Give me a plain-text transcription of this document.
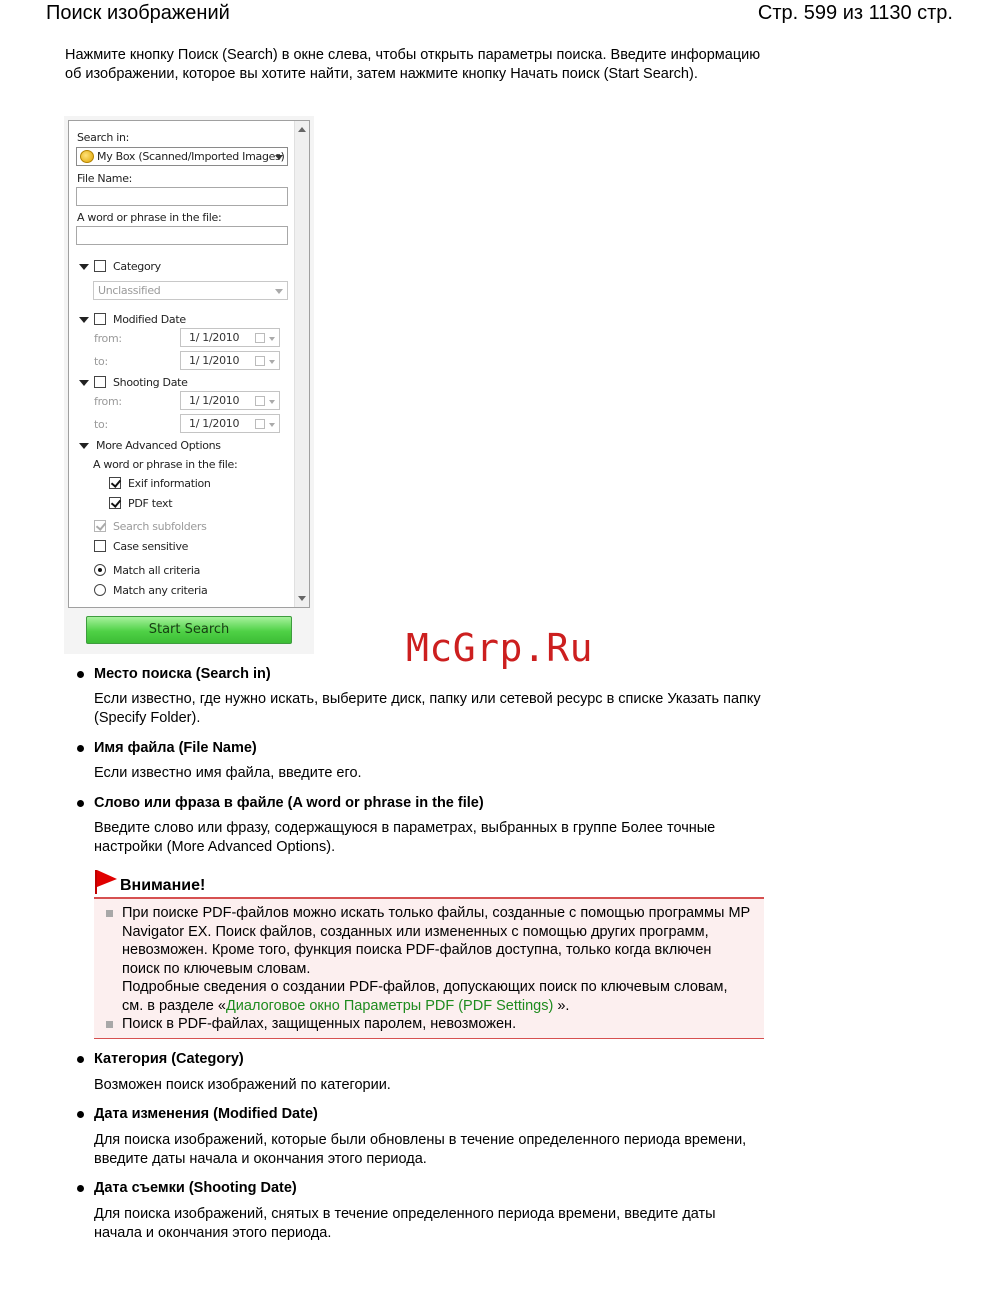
Поиск изображений	Стр. 599 из 1130 стр.
Нажмите кнопку Поиск (Search) в окне слева, чтобы открыть параметры поиска. Введите информацию об изображении, которое вы хотите найти, затем нажмите кнопку Начать поиск (Start Search).
Search in:
My Box (Scanned/Imported Images)
File Name:
A word or phrase in the file:
Category
Unclassified
Modified Date
from:	1/ 1/2010
to:	1/ 1/2010
Shooting Date
from:	1/ 1/2010
to:	1/ 1/2010
More Advanced Options
A word or phrase in the file:
Exif information
PDF text
Search subfolders
Case sensitive
Match all criteria
Match any criteria
Start Search	McGrp.Ru
Место поиска (Search in)
Если известно, где нужно искать, выберите диск, папку или сетевой ресурс в списке Указать папку (Specify Folder).
Имя файла (File Name)
Если известно имя файла, введите его.
Слово или фраза в файле (A word or phrase in the file)
Введите слово или фразу, содержащуюся в параметрах, выбранных в группе Более точные настройки (More Advanced Options).
Внимание!
При поиске PDF-файлов можно искать только файлы, созданные с помощью программы MP Navigator EX. Поиск файлов, созданных или измененных с помощью других программ, невозможен. Кроме того, функция поиска PDF-файлов доступна, только когда включен поиск по ключевым словам.
Подробные сведения о создании PDF-файлов, допускающих поиск по ключевым словам, см. в разделе «Диалоговое окно Параметры PDF (PDF Settings) ».
Поиск в PDF-файлах, защищенных паролем, невозможен.
Категория (Category)
Возможен поиск изображений по категории.
Дата изменения (Modified Date)
Для поиска изображений, которые были обновлены в течение определенного периода времени, введите даты начала и окончания этого периода.
Дата съемки (Shooting Date)
Для поиска изображений, снятых в течение определенного периода времени, введите даты начала и окончания этого периода.
